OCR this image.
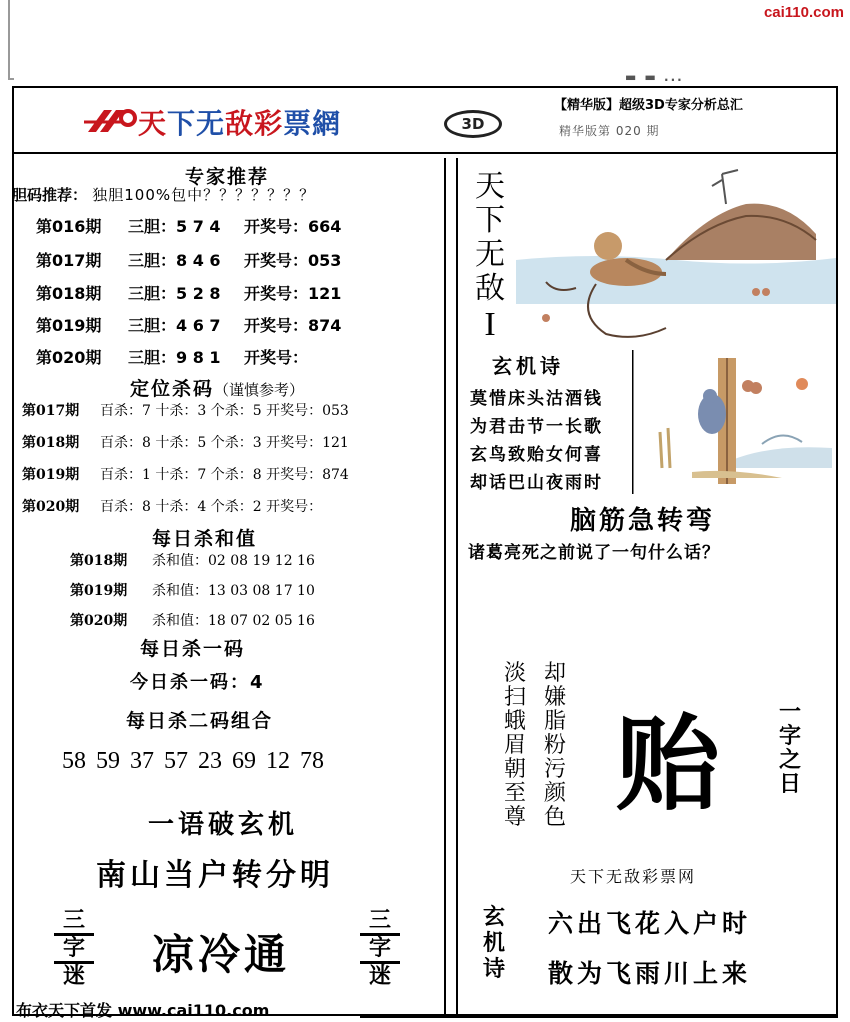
cai110.com
▬ ▬ ...
天下无敌彩票網	3D
【精华版】超级3D专家分析总汇
精华版第 020 期
专家推荐
胆码推荐： 独胆100%包中？？？？？？？
第016期 三胆：5 7 4 开奖号：664
第017期 三胆：8 4 6 开奖号：053
第018期 三胆：5 2 8 开奖号：121
第019期 三胆：4 6 7 开奖号：874
第020期 三胆：9 8 1 开奖号：
定位杀码（谨慎参考）
第017期 百杀：7 十杀：3 个杀：5 开奖号：053
第018期 百杀：8 十杀：5 个杀：3 开奖号：121
第019期 百杀：1 十杀：7 个杀：8 开奖号：874
第020期 百杀：8 十杀：4 个杀：2 开奖号：
每日杀和值
第018期 杀和值：02 08 19 12 16
第019期 杀和值：13 03 08 17 10
第020期 杀和值：18 07 02 05 16
每日杀一码
今日杀一码：4
每日杀二码组合
58 59 37 57 23 69 12 78
一语破玄机
南山当户转分明
三
字
迷 凉冷通
三
字
迷
布衣天下首发 www.cai110.com
天
下
无
敌
I
玄机诗
莫惜床头沽酒钱
为君击节一长歌
玄鸟致贻女何喜
却话巴山夜雨时
脑筋急转弯
诸葛亮死之前说了一句什么话？
却
嫌
脂
粉
污
颜
色
淡
扫
蛾
眉
朝
至
尊 贻	一
字
之
日
天下无敌彩票网
玄
机
诗
六出飞花入户时
散为飞雨川上来
